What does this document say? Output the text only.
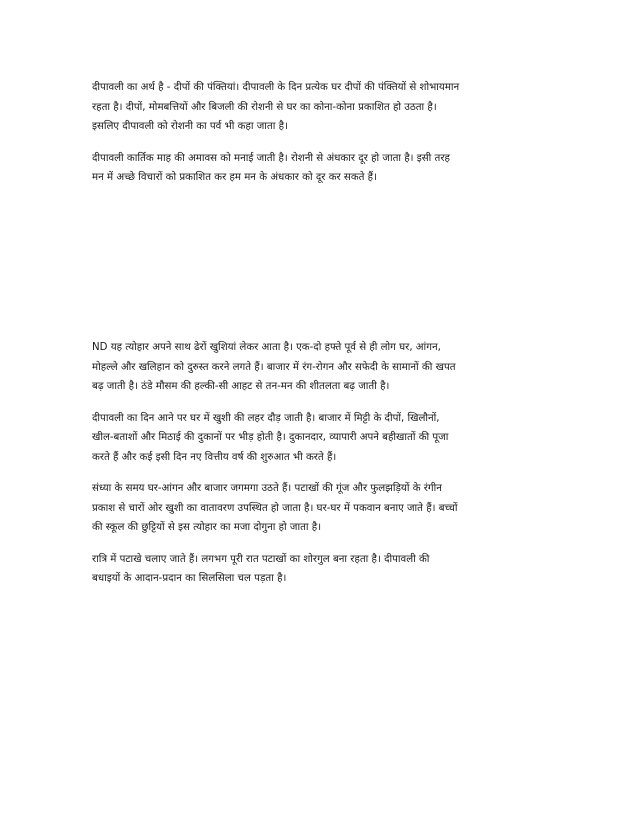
दीपावली का अर्थ है - दीपों की पंक्तियां। दीपावली के दिन प्रत्येक घर दीपों की पंक्तियों से शोभायमान
रहता है। दीपों, मोमबत्तियों और बिजली की रोशनी से घर का कोना-कोना प्रकाशित हो उठता है।
इसलिए दीपावली को रोशनी का पर्व भी कहा जाता है।

दीपावली कार्तिक माह की अमावस को मनाई जाती है। रोशनी से अंधकार दूर हो जाता है। इसी तरह
मन में अच्छे विचारों को प्रकाशित कर हम मन के अंधकार को दूर कर सकते हैं।

ND यह त्योहार अपने साथ ढेरों खुशियां लेकर आता है। एक-दो हफ्ते पूर्व से ही लोग घर, आंगन,
मोहल्ले और खलिहान को दुरुस्त करने लगते हैं। बाजार में रंग-रोगन और सफेदी के सामानों की खपत
बढ़ जाती है। ठंडे मौसम की हल्की-सी आहट से तन-मन की शीतलता बढ़ जाती है।

दीपावली का दिन आने पर घर में खुशी की लहर दौड़ जाती है। बाजार में मिट्टी के दीपों, खिलौनों,
खील-बताशों और मिठाई की दुकानों पर भीड़ होती है। दुकानदार, व्यापारी अपने बहीखातों की पूजा
करते हैं और कई इसी दिन नए वित्तीय वर्ष की शुरुआत भी करते हैं।

संध्या के समय घर-आंगन और बाजार जगमगा उठते हैं। पटाखों की गूंज और फुलझड़ियों के रंगीन
प्रकाश से चारों ओर खुशी का वातावरण उपस्थित हो जाता है। घर-घर में पकवान बनाए जाते हैं। बच्चों
की स्कूल की छुट्टियों से इस त्योहार का मजा दोगुना हो जाता है।

रात्रि में पटाखे चलाए जाते हैं। लगभग पूरी रात पटाखों का शोरगुल बना रहता है। दीपावली की
बधाइयों के आदान-प्रदान का सिलसिला चल पड़ता है।
